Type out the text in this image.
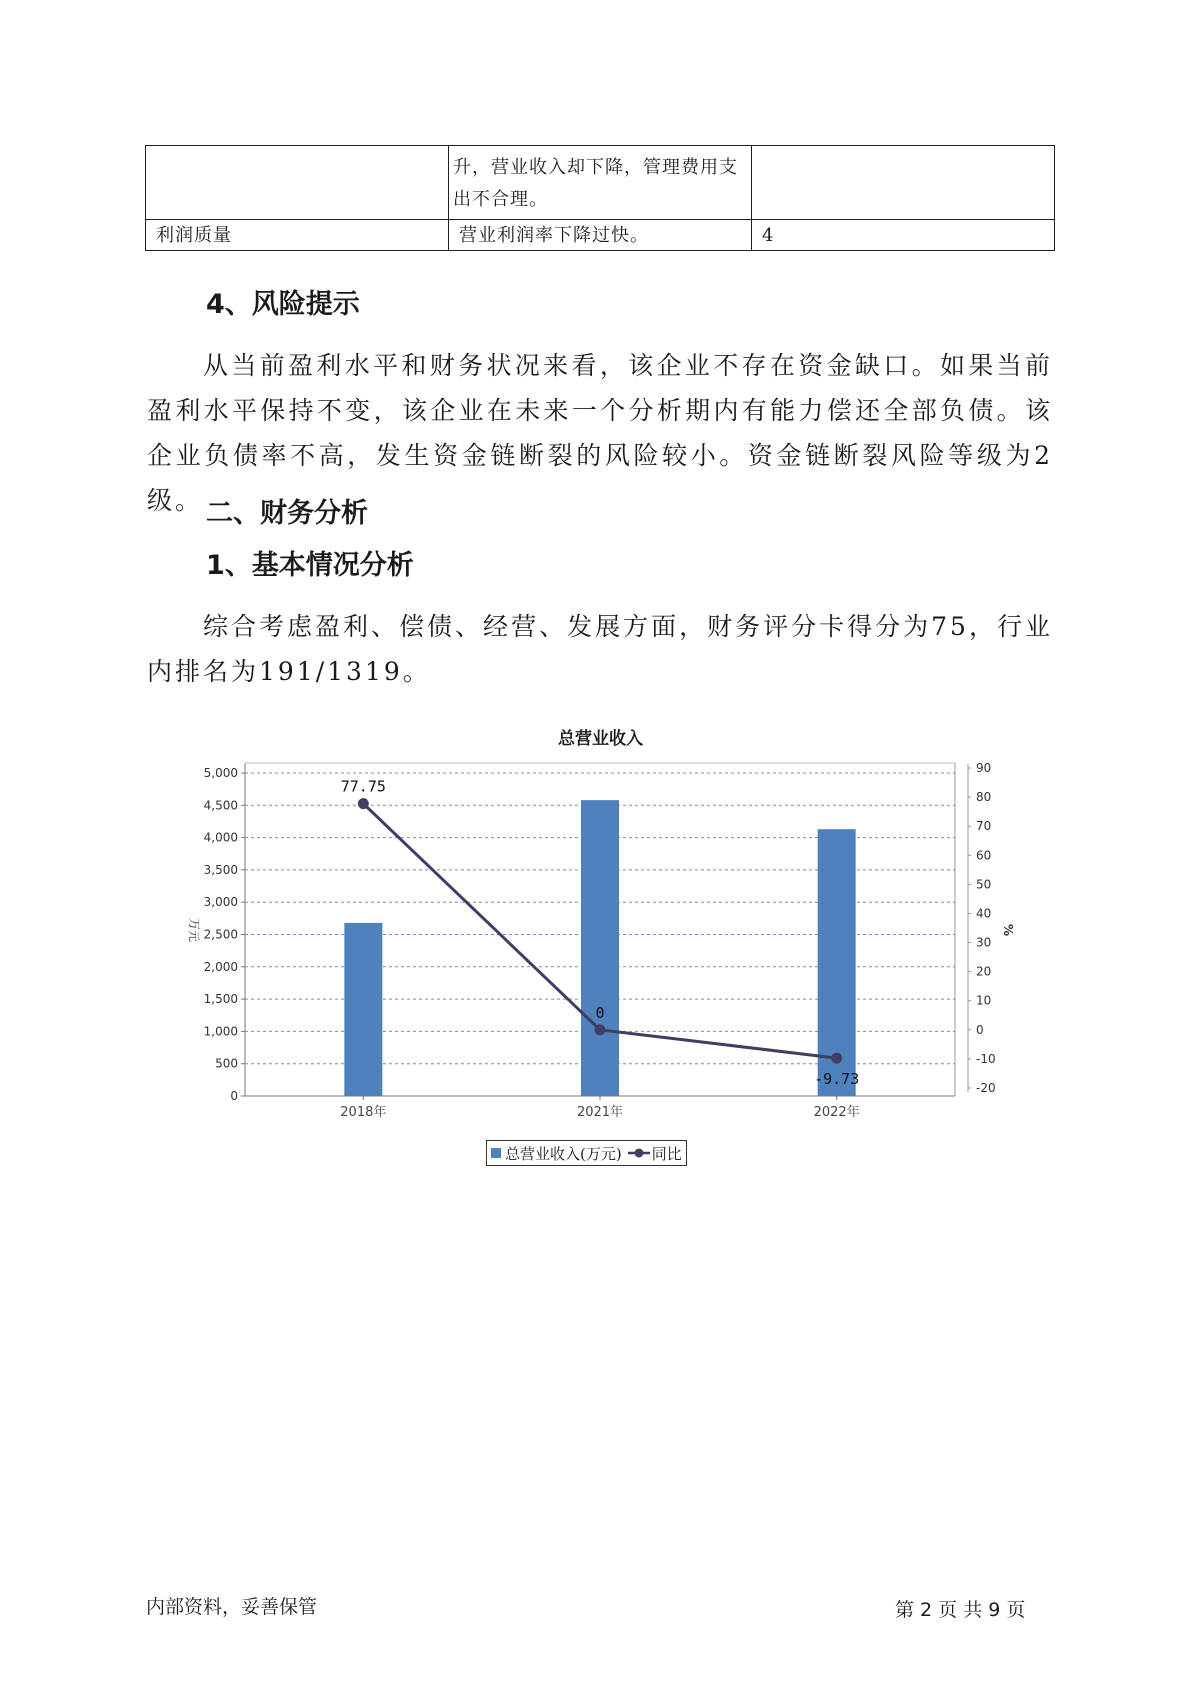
	升，营业收入却下降，管理费用支出不合理。	

利润质量	营业利润率下降过快。	4
4、风险提示
从当前盈利水平和财务状况来看，该企业不存在资金缺口。如果当前盈利水平保持不变，该企业在未来一个分析期内有能力偿还全部负债。该企业负债率不高，发生资金链断裂的风险较小。资金链断裂风险等级为2级。 二、财务分析
1、基本情况分析
综合考虑盈利、偿债、经营、发展方面，财务评分卡得分为75，行业内排名为191/1319。
总营业收入
0
500
1,000
1,500
2,000
2,500
3,000
3,500
4,000
4,500
5,000
-20
-10
0
10
20
30
40
50
60
70
80
90
万元	%
2018年	2021年	2022年
77.75
0
-9.73
总营业收入(万元) 同比
内部资料，妥善保管	第 2 页 共 9 页
